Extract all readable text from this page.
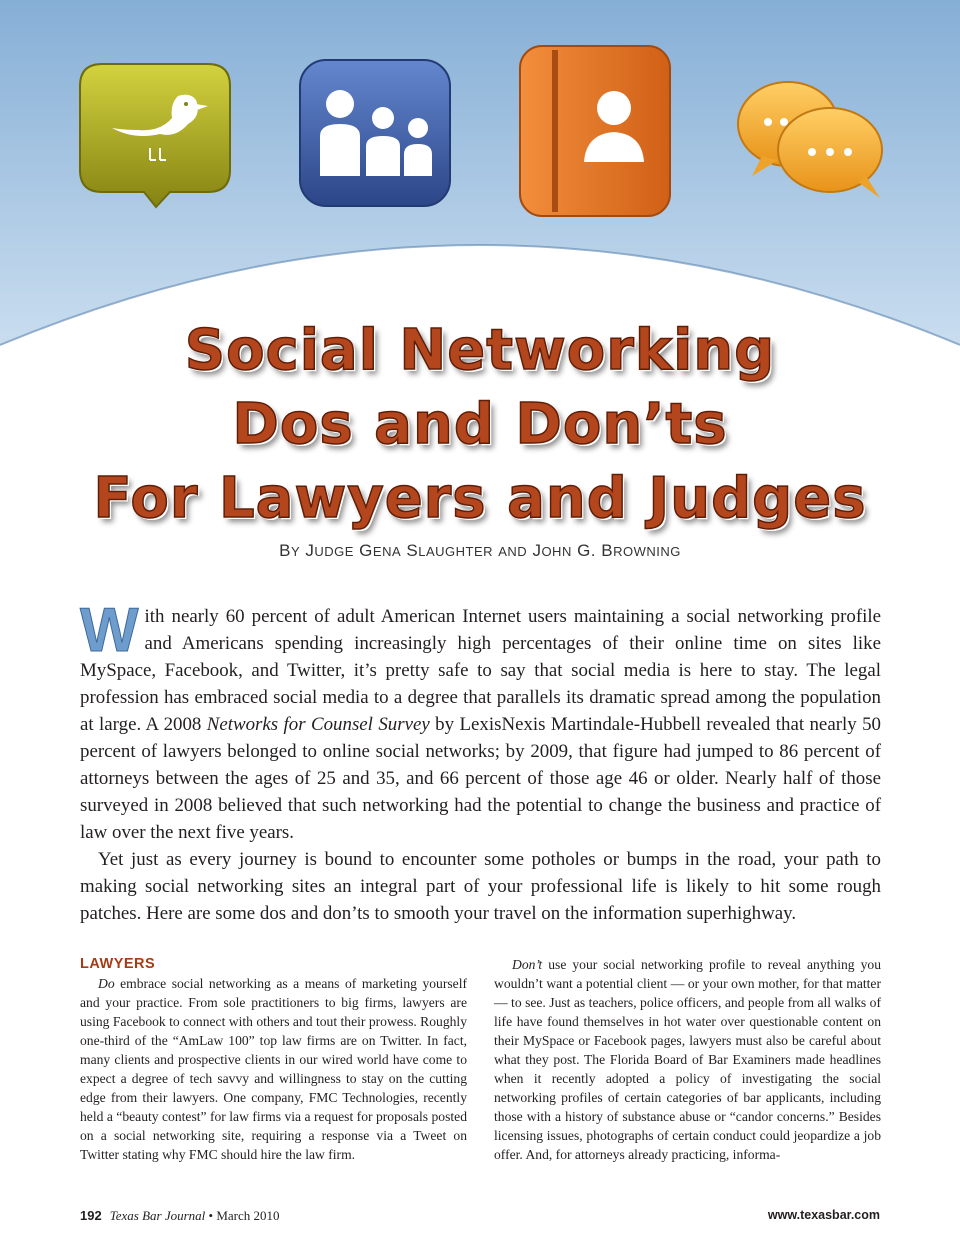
Social Networking
Dos and Don’ts
For Lawyers and Judges
BY JUDGE GENA SLAUGHTER AND JOHN G. BROWNING

With nearly 60 percent of adult American Internet users maintaining a social networking profile and Americans spending increasingly high percentages of their online time on sites like MySpace, Facebook, and Twitter, it’s pretty safe to say that social media is here to stay. The legal profession has embraced social media to a degree that parallels its dramatic spread among the population at large. A 2008 Networks for Counsel Survey by LexisNexis Martindale-Hubbell revealed that nearly 50 percent of lawyers belonged to online social networks; by 2009, that figure had jumped to 86 percent of attorneys between the ages of 25 and 35, and 66 percent of those age 46 or older. Nearly half of those surveyed in 2008 believed that such networking had the potential to change the business and practice of law over the next five years.

Yet just as every journey is bound to encounter some potholes or bumps in the road, your path to making social networking sites an integral part of your professional life is likely to hit some rough patches. Here are some dos and don’ts to smooth your travel on the information superhighway.

LAWYERS

Do embrace social networking as a means of marketing yourself and your practice. From sole practitioners to big firms, lawyers are using Facebook to connect with others and tout their prowess. Roughly one-third of the “AmLaw 100” top law firms are on Twitter. In fact, many clients and prospective clients in our wired world have come to expect a degree of tech savvy and willingness to stay on the cutting edge from their lawyers. One company, FMC Technologies, recently held a “beauty contest” for law firms via a request for proposals posted on a social networking site, requiring a response via a Tweet on Twitter stating why FMC should hire the law firm.

Don’t use your social networking profile to reveal anything you wouldn’t want a potential client — or your own mother, for that matter — to see. Just as teachers, police officers, and people from all walks of life have found themselves in hot water over questionable content on their MySpace or Facebook pages, lawyers must also be careful about what they post. The Florida Board of Bar Examiners made headlines when it recently adopted a policy of investigating the social networking profiles of certain categories of bar applicants, including those with a history of substance abuse or “candor concerns.” Besides licensing issues, photographs of certain conduct could jeopardize a job offer. And, for attorneys already practicing, informa-

192 Texas Bar Journal • March 2010	www.texasbar.com
